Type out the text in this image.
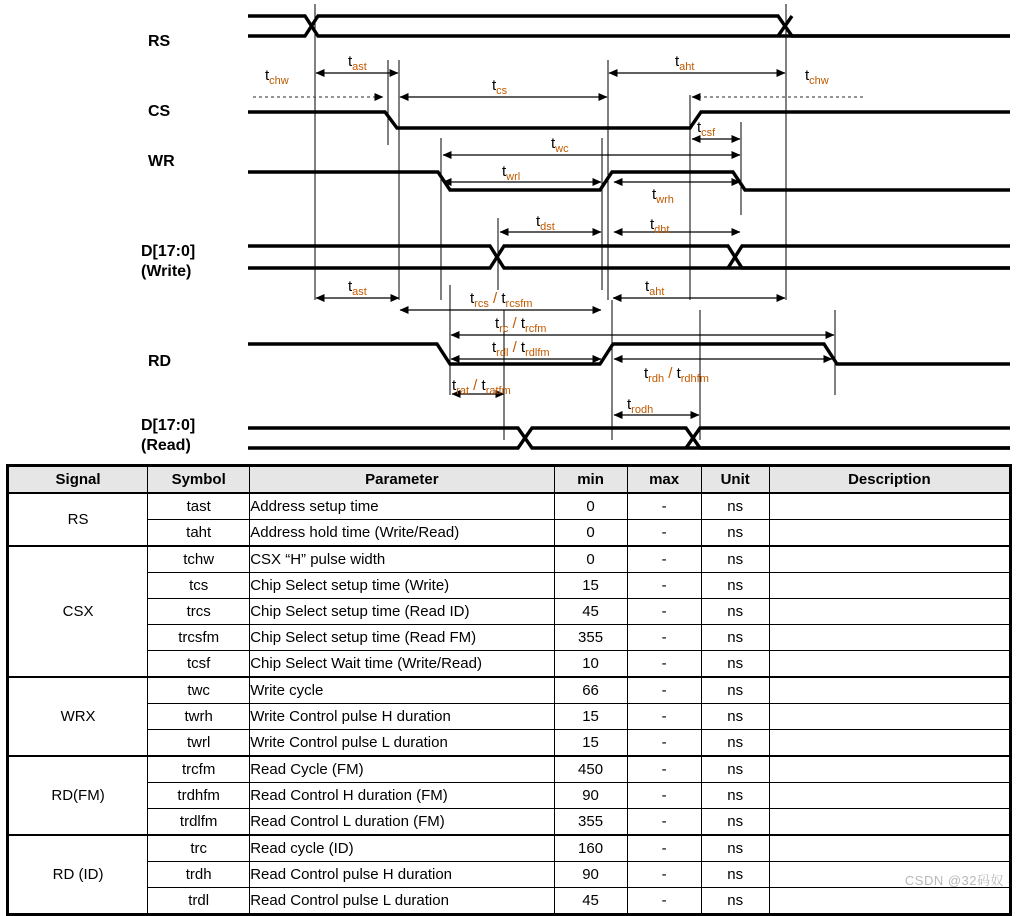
RS
CS
WR
D[17:0]
(Write)
RD
D[17:0]
(Read)
$t_{chw}$
$t_{ast}$
$t_{cs}$
$t_{aht}$	$t_{chw}$
$t_{csf}$
$t_{wc}$
$t_{wrl}$
$t_{wrh}$
$t_{dst}$	$t_{dht}$
$t_{ast}$	$t_{rcs} / t_{rcsfm}$
$t_{aht}$
$t_{rc} / t_{rcfm}$
$t_{rdl} / t_{rdlfm}$
$t_{rdh} / t_{rdhfm}$
$t_{rat} / t_{ratfm}$
$t_{rodh}$
Signal	Symbol	Parameter	min	max	Unit	Description
RS	tast	Address setup time	0	-	ns	
	taht	Address hold time (Write/Read)	0	-	ns	
CSX	tchw	CSX “H” pulse width	0	-	ns	
	tcs	Chip Select setup time (Write)	15	-	ns	
	trcs	Chip Select setup time (Read ID)	45	-	ns	
	trcsfm	Chip Select setup time (Read FM)	355	-	ns	
	tcsf	Chip Select Wait time (Write/Read)	10	-	ns	
WRX	twc	Write cycle	66	-	ns	
	twrh	Write Control pulse H duration	15	-	ns	
	twrl	Write Control pulse L duration	15	-	ns	
RD(FM)	trcfm	Read Cycle (FM)	450	-	ns	
	trdhfm	Read Control H duration (FM)	90	-	ns	
	trdlfm	Read Control L duration (FM)	355	-	ns	
RD (ID)	trc	Read cycle (ID)	160	-	ns	
	trdh	Read Control pulse H duration	90	-	ns	
	trdl	Read Control pulse L duration	45	-	ns	
CSDN @32码奴
